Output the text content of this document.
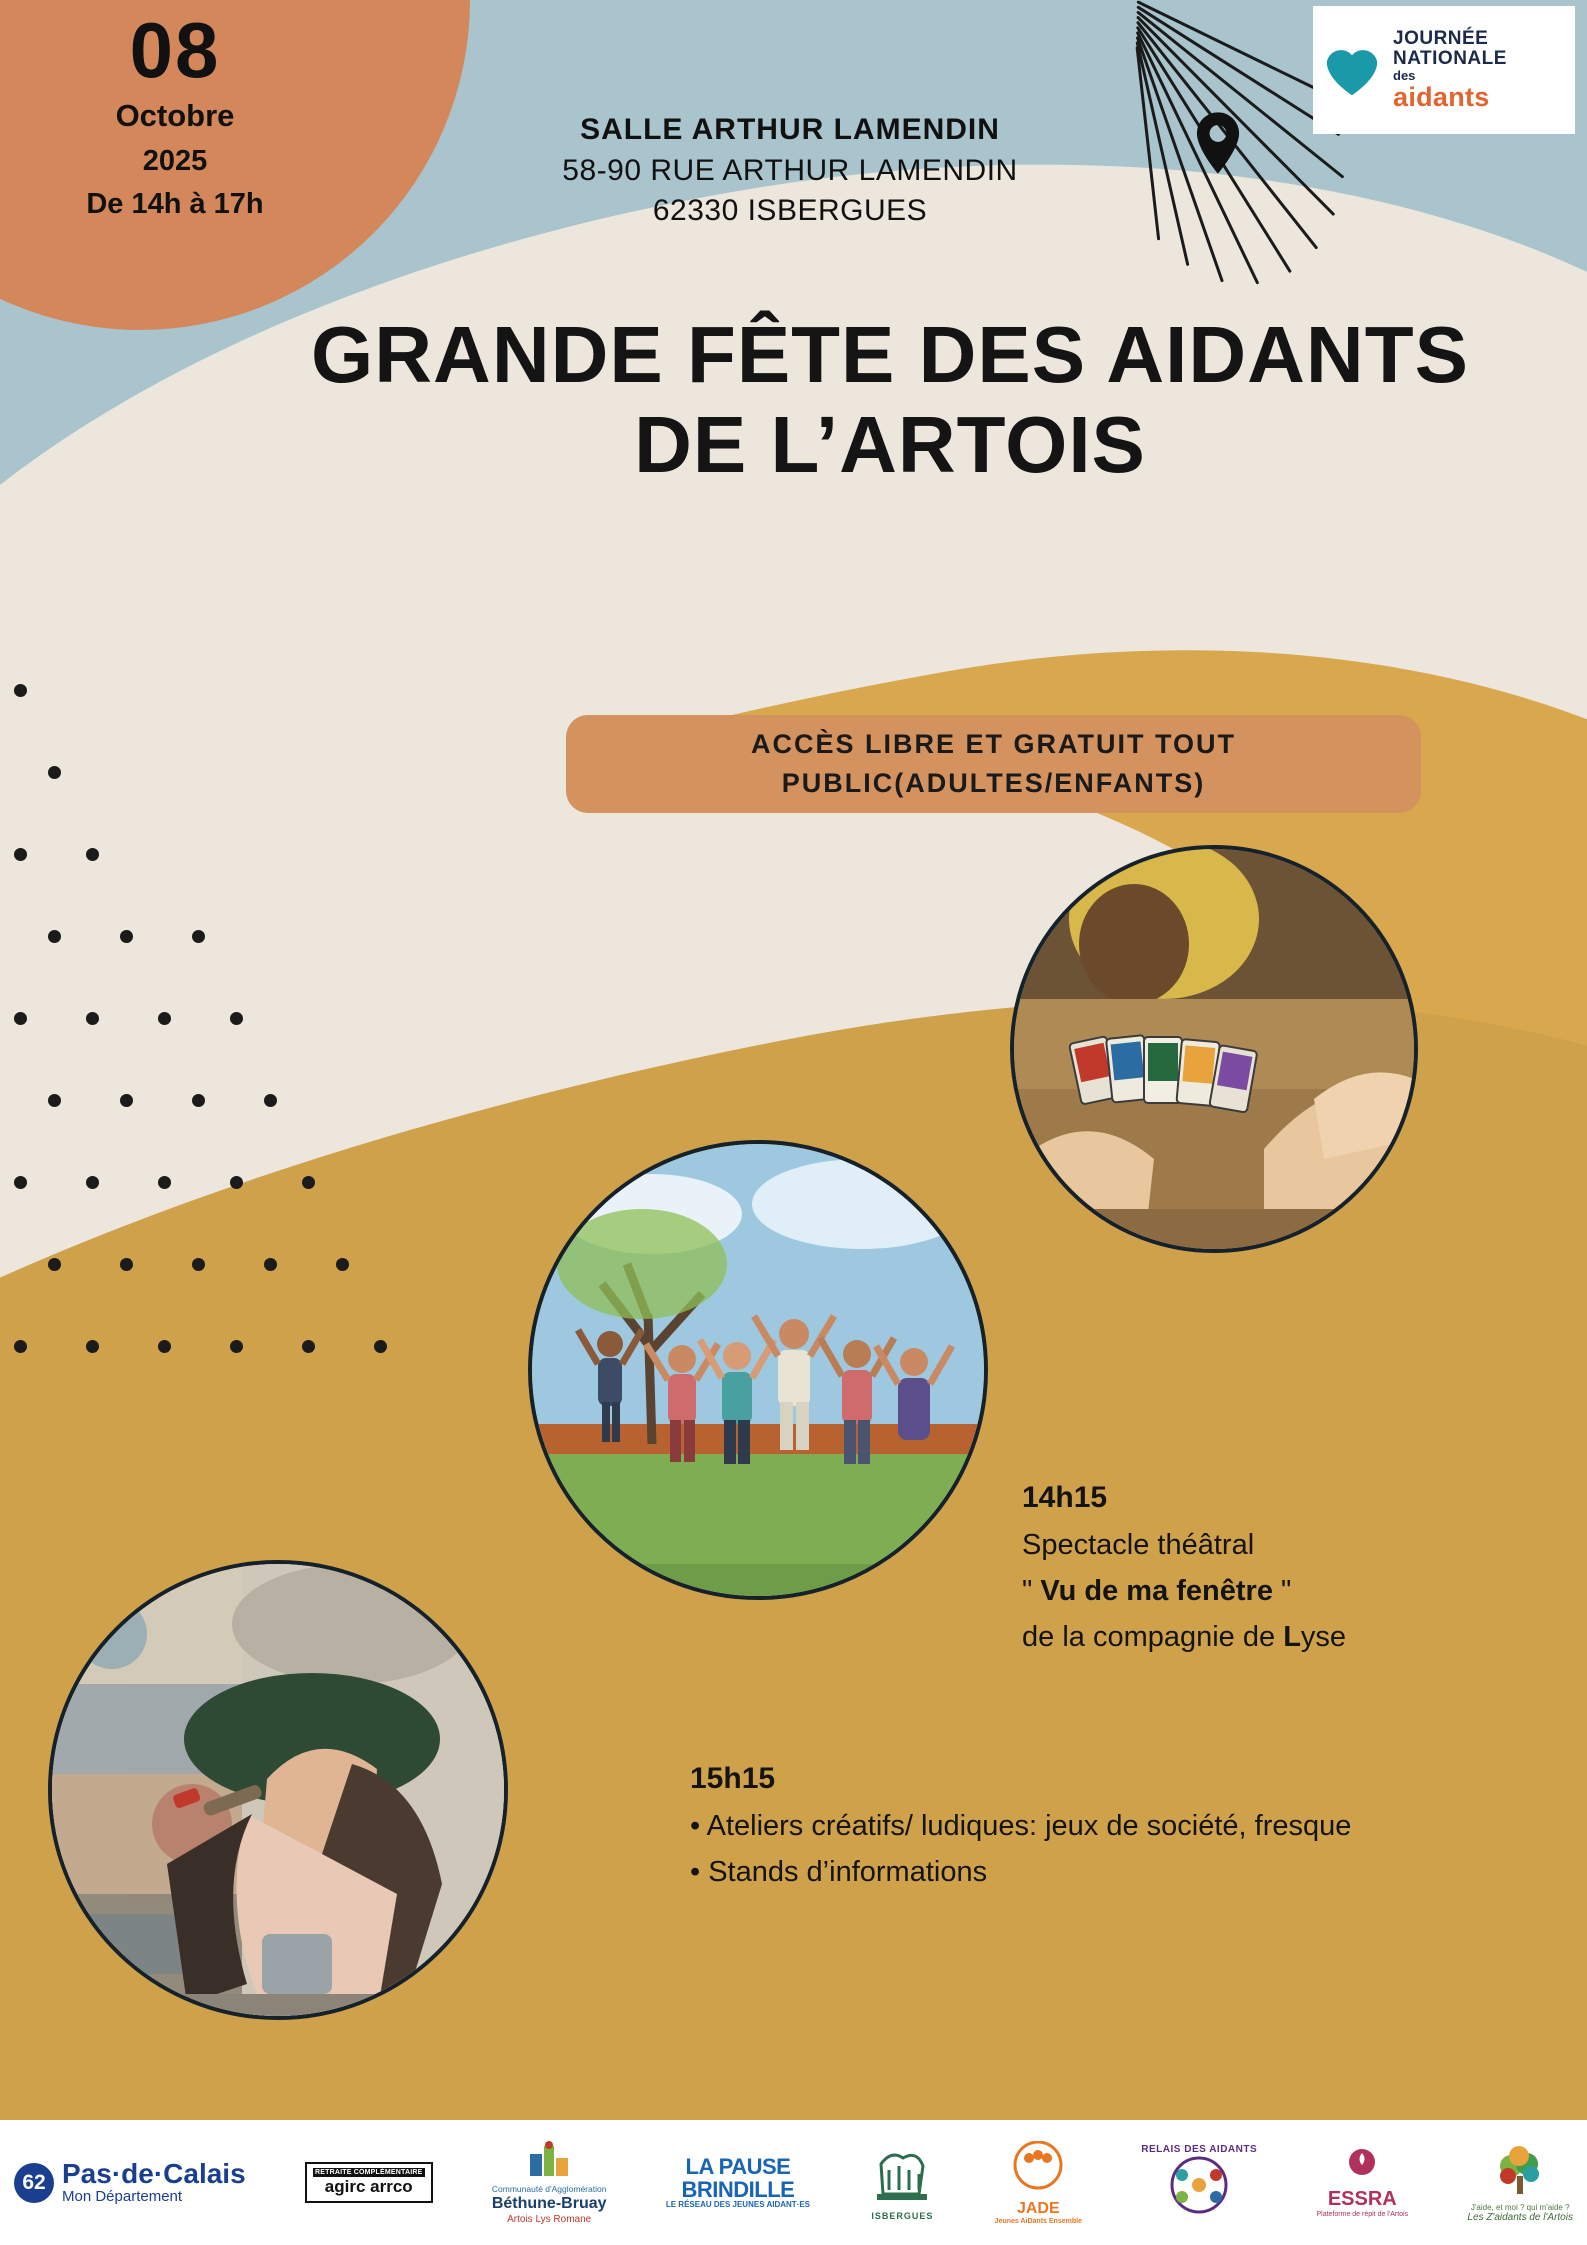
08
Octobre
2025
De 14h à 17h
JOURNÉE
NATIONALE
des
aidants
SALLE ARTHUR LAMENDIN
58-90 RUE ARTHUR LAMENDIN
62330 ISBERGUES
GRANDE FÊTE DES AIDANTS DE L’ARTOIS
ACCÈS LIBRE ET GRATUIT TOUT
PUBLIC(ADULTES/ENFANTS)
14h15
Spectacle théâtral
" Vu de ma fenêtre "
de la compagnie de Lyse
15h15
• Ateliers créatifs/ ludiques: jeux de société, fresque
• Stands d’informations
62 Pas·de·Calais
Mon Département
RETRAITE COMPLÉMENTAIRE
agirc arrco	Communauté d'Agglomération
Béthune-Bruay
Artois Lys Romane
LA PAUSE
BRINDILLE
LE RÉSEAU DES JEUNES AIDANT·ES
ISBERGUES	JADE
Jeunes AiDants Ensemble
RELAIS DES AIDANTS
ESSRA
Plateforme de répit de l'Artois
J'aide, et moi ? qui m'aide ?
Les Z'aidants de l'Artois
